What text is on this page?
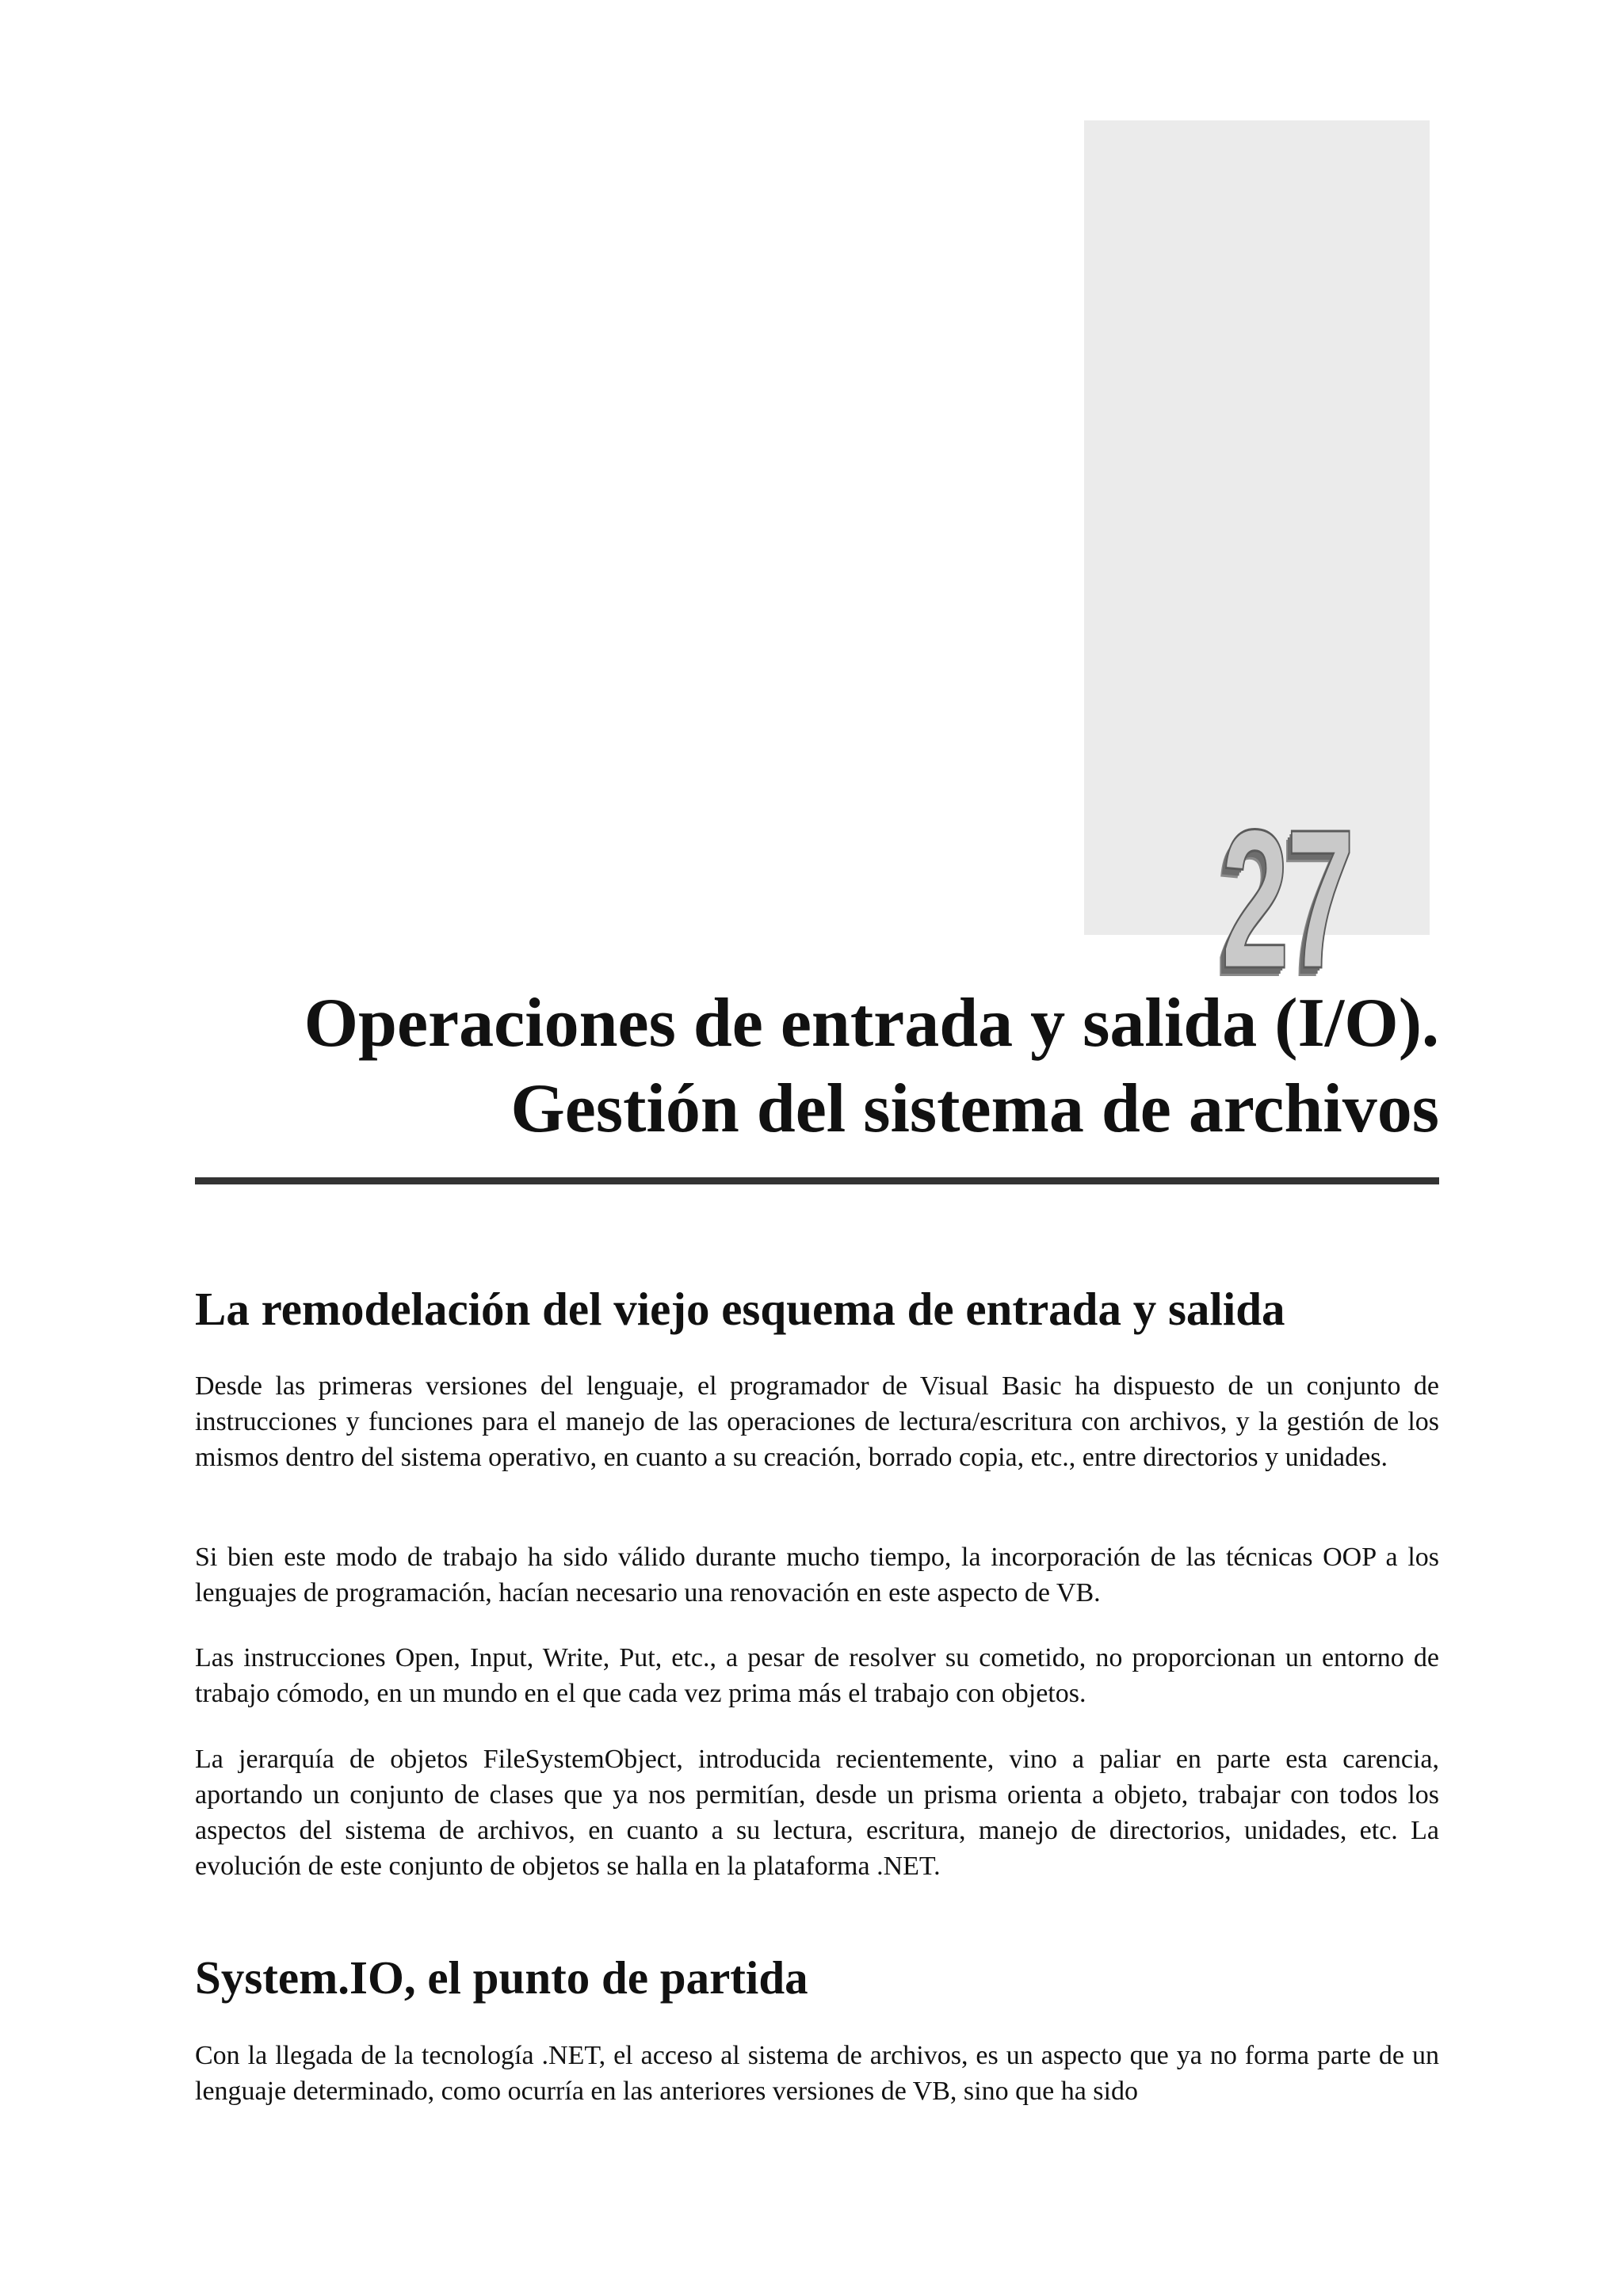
27
Operaciones de entrada y salida (I/O).
Gestión del sistema de archivos
La remodelación del viejo esquema de entrada y salida

Desde las primeras versiones del lenguaje, el programador de Visual Basic ha dispuesto de un conjunto de instrucciones y funciones para el manejo de las operaciones de lectura/escritura con archivos, y la gestión de los mismos dentro del sistema operativo, en cuanto a su creación, borrado copia, etc., entre directorios y unidades.

Si bien este modo de trabajo ha sido válido durante mucho tiempo, la incorporación de las técnicas OOP a los lenguajes de programación, hacían necesario una renovación en este aspecto de VB.

Las instrucciones Open, Input, Write, Put, etc., a pesar de resolver su cometido, no proporcionan un entorno de trabajo cómodo, en un mundo en el que cada vez prima más el trabajo con objetos.

La jerarquía de objetos FileSystemObject, introducida recientemente, vino a paliar en parte esta carencia, aportando un conjunto de clases que ya nos permitían, desde un prisma orienta a objeto, trabajar con todos los aspectos del sistema de archivos, en cuanto a su lectura, escritura, manejo de directorios, unidades, etc. La evolución de este conjunto de objetos se halla en la plataforma .NET.

System.IO, el punto de partida

Con la llegada de la tecnología .NET, el acceso al sistema de archivos, es un aspecto que ya no forma parte de un lenguaje determinado, como ocurría en las anteriores versiones de VB, sino que ha sido
